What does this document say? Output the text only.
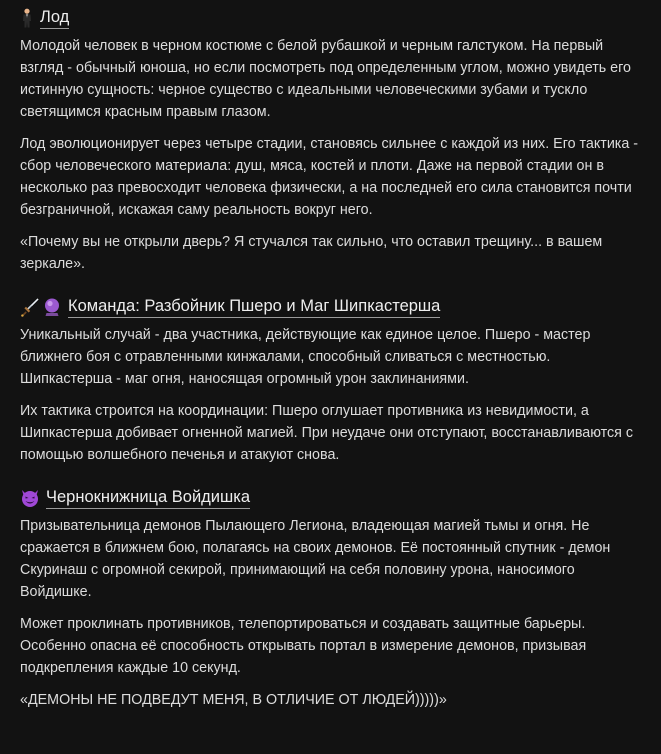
Лод

Молодой человек в черном костюме с белой рубашкой и черным галстуком. На первый взгляд - обычный юноша, но если посмотреть под определенным углом, можно увидеть его истинную сущность: черное существо с идеальными человеческими зубами и тускло светящимся красным правым глазом.

Лод эволюционирует через четыре стадии, становясь сильнее с каждой из них. Его тактика - сбор человеческого материала: душ, мяса, костей и плоти. Даже на первой стадии он в несколько раз превосходит человека физически, а на последней его сила становится почти безграничной, искажая саму реальность вокруг него.

«Почему вы не открыли дверь? Я стучался так сильно, что оставил трещину... в вашем зеркале».

Команда: Разбойник Пшеро и Маг Шипкастерша

Уникальный случай - два участника, действующие как единое целое. Пшеро - мастер ближнего боя с отравленными кинжалами, способный сливаться с местностью. Шипкастерша - маг огня, наносящая огромный урон заклинаниями.

Их тактика строится на координации: Пшеро оглушает противника из невидимости, а Шипкастерша добивает огненной магией. При неудаче они отступают, восстанавливаются с помощью волшебного печенья и атакуют снова.

Чернокнижница Войдишка

Призывательница демонов Пылающего Легиона, владеющая магией тьмы и огня. Не сражается в ближнем бою, полагаясь на своих демонов. Её постоянный спутник - демон Скуринаш с огромной секирой, принимающий на себя половину урона, наносимого Войдишке.

Может проклинать противников, телепортироваться и создавать защитные барьеры. Особенно опасна её способность открывать портал в измерение демонов, призывая подкрепления каждые 10 секунд.

«ДЕМОНЫ НЕ ПОДВЕДУТ МЕНЯ, В ОТЛИЧИЕ ОТ ЛЮДЕЙ)))))»
